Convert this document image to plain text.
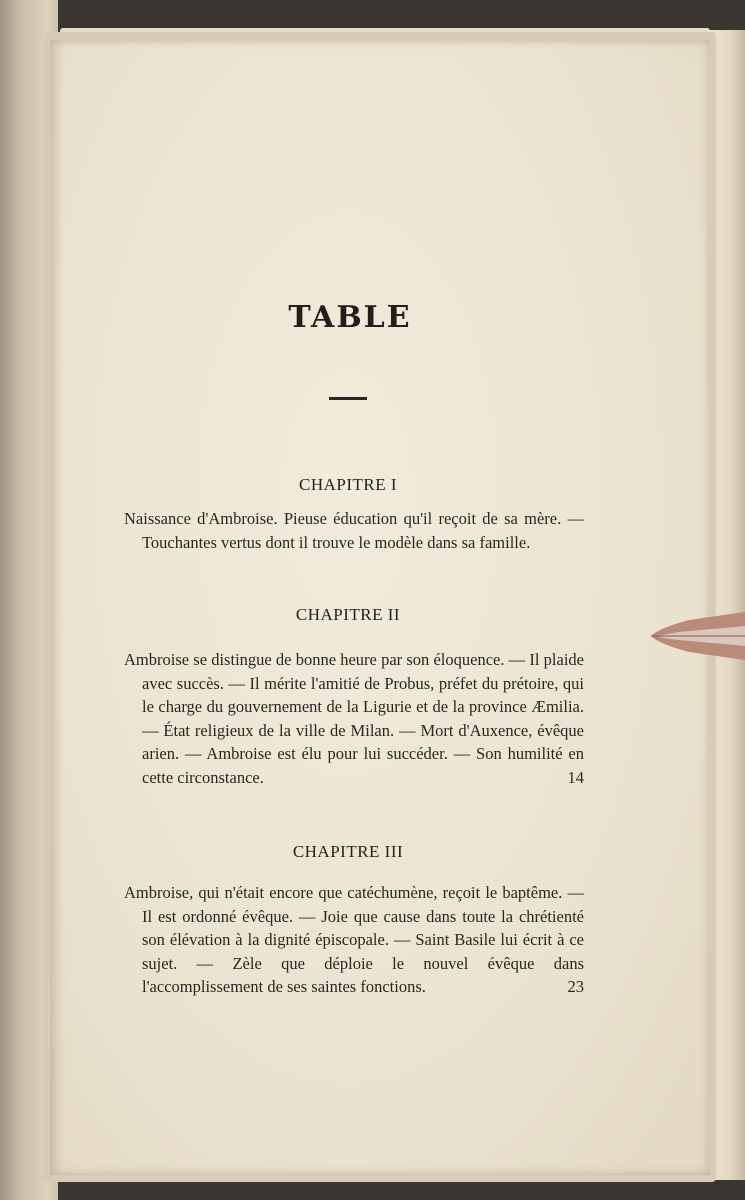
TABLE
CHAPITRE I
Naissance d'Ambroise. Pieuse éducation qu'il reçoit de sa mère. — Touchantes vertus dont il trouve le modèle dans sa famille.
CHAPITRE II
Ambroise se distingue de bonne heure par son éloquence. — Il plaide avec succès. — Il mérite l'amitié de Probus, préfet du prétoire, qui le charge du gouvernement de la Ligurie et de la province Æmilia. — État religieux de la ville de Milan. — Mort d'Auxence, évêque arien. — Ambroise est élu pour lui succéder. — Son humilité en cette circonstance.	14
CHAPITRE III
Ambroise, qui n'était encore que catéchumène, reçoit le baptême. — Il est ordonné évêque. — Joie que cause dans toute la chrétienté son élévation à la dignité épiscopale. — Saint Basile lui écrit à ce sujet. — Zèle que déploie le nouvel évêque dans l'accomplissement de ses saintes fonctions.	23
